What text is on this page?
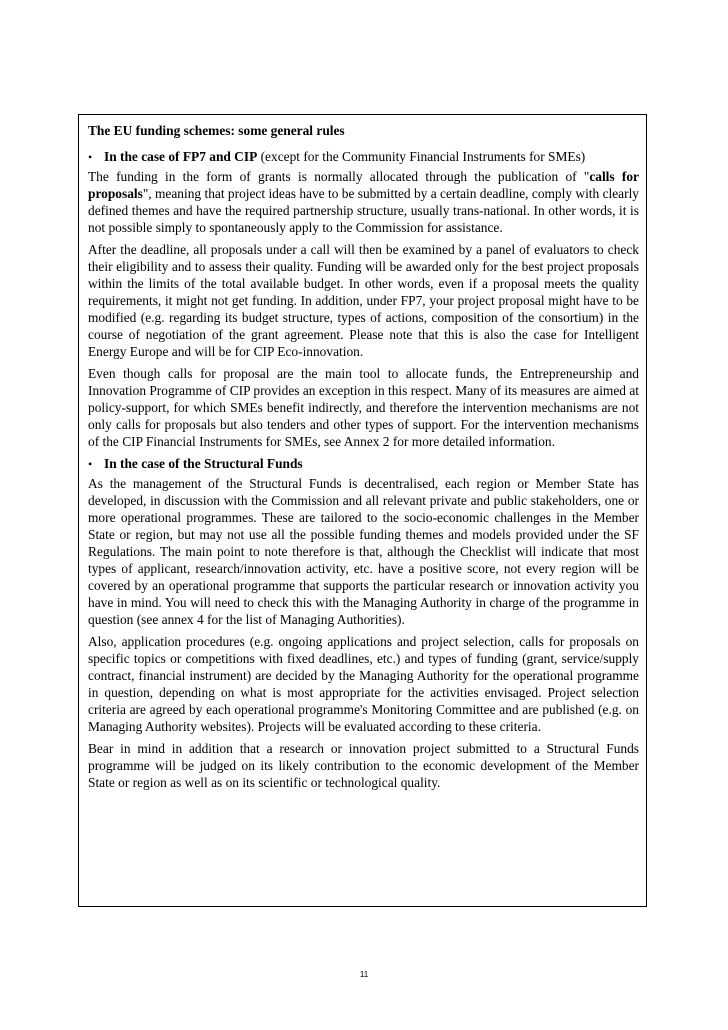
The EU funding schemes: some general rules
• In the case of FP7 and CIP (except for the Community Financial Instruments for SMEs)

The funding in the form of grants is normally allocated through the publication of "calls for proposals", meaning that project ideas have to be submitted by a certain deadline, comply with clearly defined themes and have the required partnership structure, usually trans-national. In other words, it is not possible simply to spontaneously apply to the Commission for assistance.

After the deadline, all proposals under a call will then be examined by a panel of evaluators to check their eligibility and to assess their quality. Funding will be awarded only for the best project proposals within the limits of the total available budget. In other words, even if a proposal meets the quality requirements, it might not get funding. In addition, under FP7, your project proposal might have to be modified (e.g. regarding its budget structure, types of actions, composition of the consortium) in the course of negotiation of the grant agreement. Please note that this is also the case for Intelligent Energy Europe and will be for CIP Eco-innovation.

Even though calls for proposal are the main tool to allocate funds, the Entrepreneurship and Innovation Programme of CIP provides an exception in this respect. Many of its measures are aimed at policy-support, for which SMEs benefit indirectly, and therefore the intervention mechanisms are not only calls for proposals but also tenders and other types of support. For the intervention mechanisms of the CIP Financial Instruments for SMEs, see Annex 2 for more detailed information.

• In the case of the Structural Funds

As the management of the Structural Funds is decentralised, each region or Member State has developed, in discussion with the Commission and all relevant private and public stakeholders, one or more operational programmes. These are tailored to the socio-economic challenges in the Member State or region, but may not use all the possible funding themes and models provided under the SF Regulations. The main point to note therefore is that, although the Checklist will indicate that most types of applicant, research/innovation activity, etc. have a positive score, not every region will be covered by an operational programme that supports the particular research or innovation activity you have in mind. You will need to check this with the Managing Authority in charge of the programme in question (see annex 4 for the list of Managing Authorities).

Also, application procedures (e.g. ongoing applications and project selection, calls for proposals on specific topics or competitions with fixed deadlines, etc.) and types of funding (grant, service/supply contract, financial instrument) are decided by the Managing Authority for the operational programme in question, depending on what is most appropriate for the activities envisaged. Project selection criteria are agreed by each operational programme's Monitoring Committee and are published (e.g. on Managing Authority websites). Projects will be evaluated according to these criteria.

Bear in mind in addition that a research or innovation project submitted to a Structural Funds programme will be judged on its likely contribution to the economic development of the Member State or region as well as on its scientific or technological quality.

11
